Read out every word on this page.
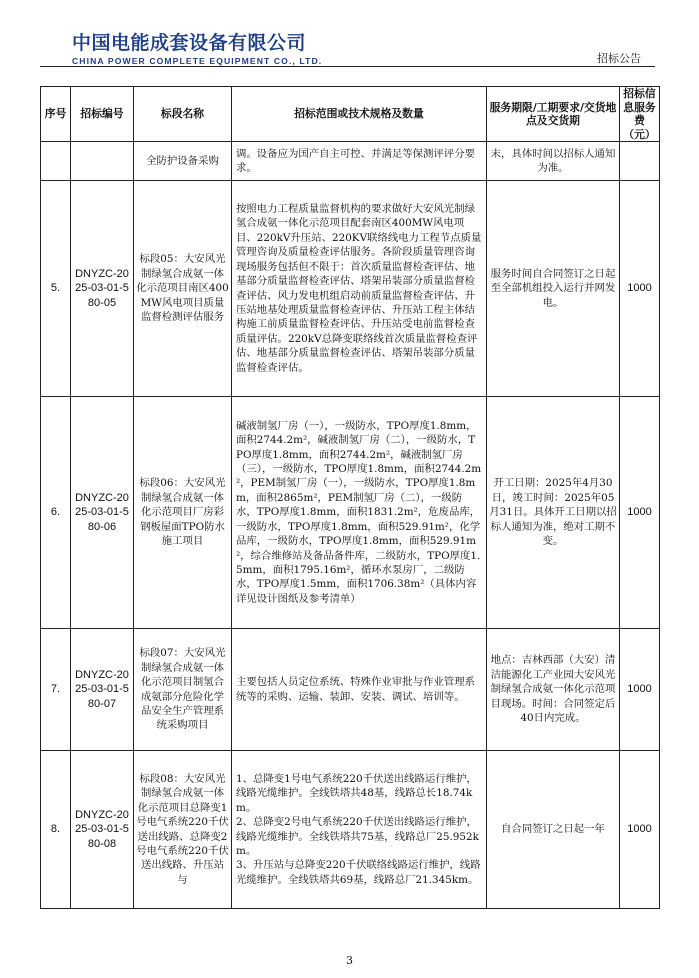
中国电能成套设备有限公司
CHINA POWER COMPLETE EQUIPMENT CO., LTD.	招标公告
序号	招标编号	标段名称	招标范围或技术规格及数量	服务期限/工期要求/交货地点及交货期	招标信息服务费（元）
		全防护设备采购	调。设备应为国产自主可控、并满足等保测评评分要求。	末，具体时间以招标人通知为准。	
5.	DNYZC-2025-03-01-580-05	标段05：大安风光制绿氢合成氨一体化示范项目南区400MW风电项目质量监督检测评估服务	按照电力工程质量监督机构的要求做好大安风光制绿氢合成氨一体化示范项目配套南区400MW风电项目、220kV升压站、220KV联络线电力工程节点质量管理咨询及质量检查评估服务。各阶段质量管理咨询现场服务包括但不限于：首次质量监督检查评估、地基部分质量监督检查评估、塔架吊装部分质量监督检查评估、风力发电机组启动前质量监督检查评估、升压站地基处理质量监督检查评估、升压站工程主体结构施工前质量监督检查评估、升压站受电前监督检查质量评估。220kV总降变联络线首次质量监督检查评估、地基部分质量监督检查评估、塔架吊装部分质量监督检查评估。	服务时间自合同签订之日起至全部机组投入运行并网发电。	1000
6.	DNYZC-2025-03-01-580-06	标段06：大安风光制绿氢合成氨一体化示范项目厂房彩钢板屋面TPO防水施工项目	碱液制氢厂房（一），一级防水，TPO厚度1.8mm，面积2744.2m²，碱液制氢厂房（二），一级防水，TPO厚度1.8mm，面积2744.2m²，碱液制氢厂房（三），一级防水，TPO厚度1.8mm，面积2744.2m²，PEM制氢厂房（一），一级防水，TPO厚度1.8mm，面积2865m²，PEM制氢厂房（二），一级防水，TPO厚度1.8mm，面积1831.2m²，危废品库，一级防水，TPO厚度1.8mm，面积529.91m²，化学品库，一级防水，TPO厚度1.8mm，面积529.91m²，综合维修站及备品备件库，二级防水，TPO厚度1.5mm，面积1795.16m²，循环水泵房厂，二级防水，TPO厚度1.5mm，面积1706.38m²（具体内容详见设计图纸及参考清单）	开工日期：2025年4月30日，竣工时间：2025年05月31日。具体开工日期以招标人通知为准，绝对工期不变。	1000
7.	DNYZC-2025-03-01-580-07	标段07：大安风光制绿氢合成氨一体化示范项目制氢合成氨部分危险化学品安全生产管理系统采购项目	主要包括人员定位系统、特殊作业审批与作业管理系统等的采购、运输、装卸、安装、调试、培训等。	地点：吉林西部（大安）清洁能源化工产业园大安风光制绿氢合成氨一体化示范项目现场。时间：合同签定后40日内完成。	1000
8.	DNYZC-2025-03-01-580-08	标段08：大安风光制绿氢合成氨一体化示范项目总降变1号电气系统220千伏送出线路、总降变2号电气系统220千伏送出线路、升压站与	1、总降变1号电气系统220千伏送出线路运行维护，线路光缆维护。全线铁塔共48基，线路总长18.74km。
2、总降变2号电气系统220千伏送出线路运行维护，线路光缆维护。全线铁塔共75基，线路总厂25.952km。
3、升压站与总降变220千伏联络线路运行维护，线路光缆维护。全线铁塔共69基，线路总厂21.345km。	自合同签订之日起一年	1000
3
